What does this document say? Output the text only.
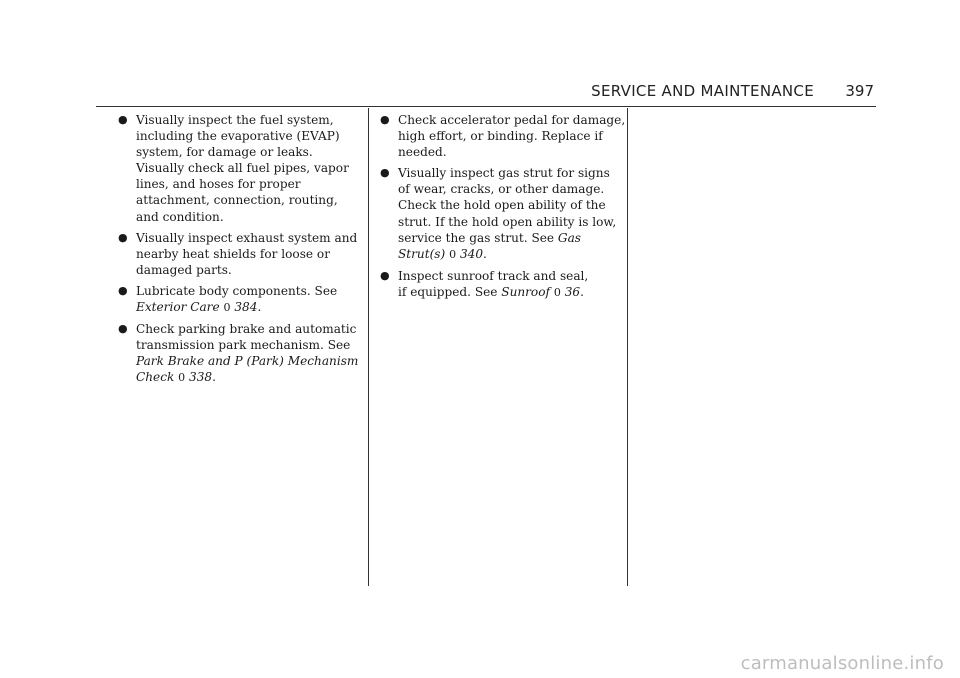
SERVICE AND MAINTENANCE 397
● Visually inspect the fuel system,
including the evaporative (EVAP)
system, for damage or leaks.
Visually check all fuel pipes, vapor
lines, and hoses for proper
attachment, connection, routing,
and condition.
● Visually inspect exhaust system and
nearby heat shields for loose or
damaged parts.
● Lubricate body components. See
Exterior Care 0 384.
● Check parking brake and automatic
transmission park mechanism. See
Park Brake and P (Park) Mechanism
Check 0 338.
● Check accelerator pedal for damage,
high effort, or binding. Replace if
needed.
● Visually inspect gas strut for signs
of wear, cracks, or other damage.
Check the hold open ability of the
strut. If the hold open ability is low,
service the gas strut. See Gas
Strut(s) 0 340.
● Inspect sunroof track and seal,
if equipped. See Sunroof 0 36.
carmanualsonline.info
